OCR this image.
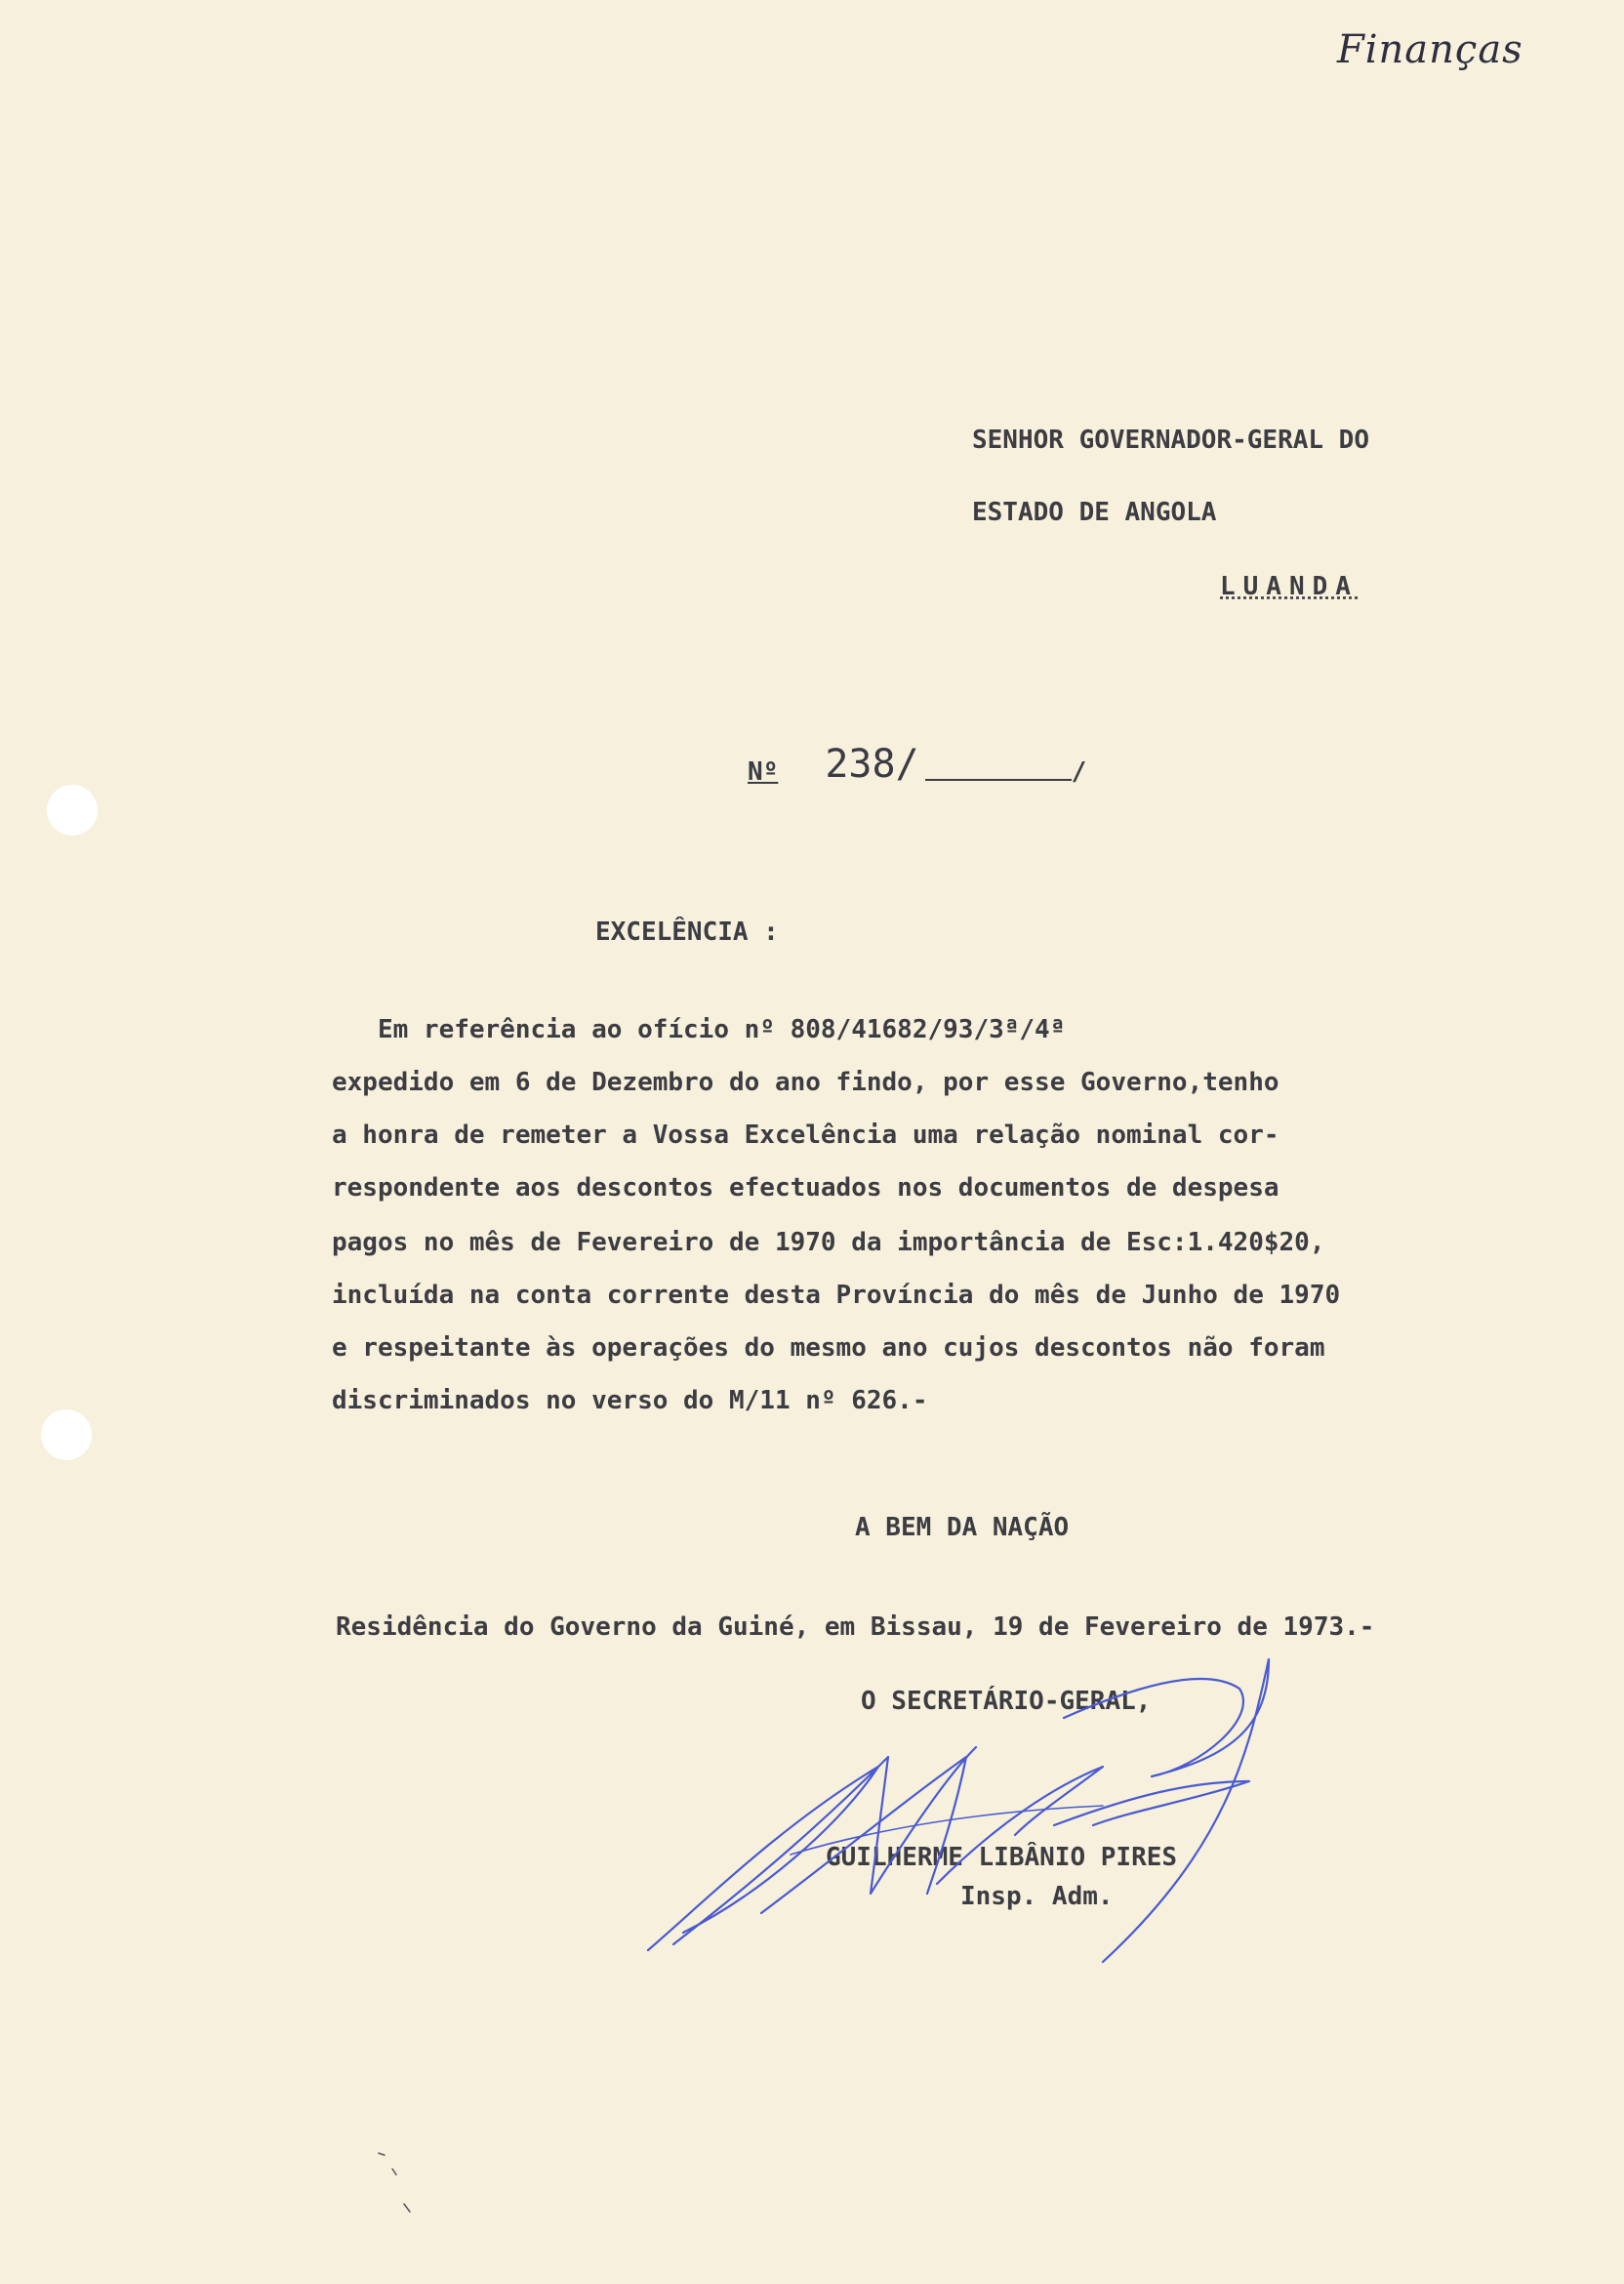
Finanças
SENHOR GOVERNADOR-GERAL DO
ESTADO DE ANGOLA
LUANDA
Nº 238/	/
EXCELÊNCIA :
Em referência ao ofício nº 808/41682/93/3ª/4ª
expedido em 6 de Dezembro do ano findo, por esse Governo,tenho
a honra de remeter a Vossa Excelência uma relação nominal cor-
respondente aos descontos efectuados nos documentos de despesa
pagos no mês de Fevereiro de 1970 da importância de Esc:1.420$20,
incluída na conta corrente desta Província do mês de Junho de 1970
e respeitante às operações do mesmo ano cujos descontos não foram
discriminados no verso do M/11 nº 626.-
A BEM DA NAÇÃO
Residência do Governo da Guiné, em Bissau, 19 de Fevereiro de 1973.-
O SECRETÁRIO-GERAL,
GUILHERME LIBÂNIO PIRES
Insp. Adm.
